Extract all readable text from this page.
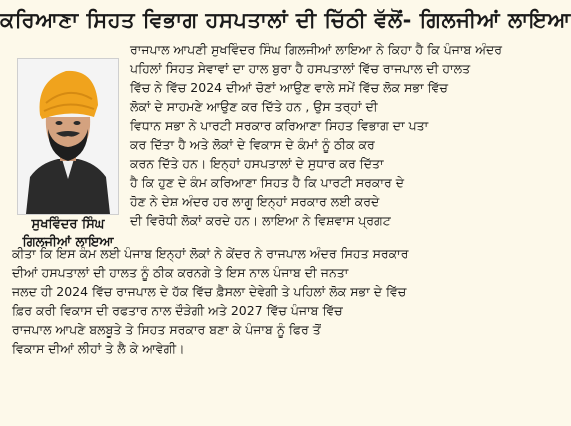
ਕਰਿਆਣਾ ਸਿਹਤ ਵਿਭਾਗ ਹਸਪਤਾਲਾਂ ਦੀ ਚਿੱਠੀ ਵੱਲੋਂ- ਗਿਲਜੀਆਂ ਲਾਇਆ
ਸੁਖਵਿੰਦਰ ਸਿੰਘ
ਗਿਲਜੀਆਂ ਲਾਇਆ
ਰਾਜਪਾਲ ਆਪਣੀ ਸੁਖਵਿੰਦਰ ਸਿੰਘ ਗਿਲਜੀਆਂ ਲਾਇਆ ਨੇ ਕਿਹਾ ਹੈ ਕਿ ਪੰਜਾਬ ਅੰਦਰ
ਪਹਿਲਾਂ ਸਿਹਤ ਸੇਵਾਵਾਂ ਦਾ ਹਾਲ ਬੁਰਾ ਹੈ ਹਸਪਤਾਲਾਂ ਵਿੱਚ ਰਾਜਪਾਲ ਦੀ ਹਾਲਤ
ਵਿੱਚ ਨੇ ਵਿੱਚ 2024 ਦੀਆਂ ਚੋਣਾਂ ਆਉਣ ਵਾਲੇ ਸਮੇਂ ਵਿੱਚ ਲੋਕ ਸਭਾ ਵਿੱਚ
ਲੋਕਾਂ ਦੇ ਸਾਹਮਣੇ ਆਉਣ ਕਰ ਦਿੱਤੇ ਹਨ , ਉਸ ਤਰ੍ਹਾਂ ਦੀ
ਵਿਧਾਨ ਸਭਾ ਨੇ ਪਾਰਟੀ ਸਰਕਾਰ ਕਰਿਆਣਾ ਸਿਹਤ ਵਿਭਾਗ ਦਾ ਪਤਾ
ਕਰ ਦਿੱਤਾ ਹੈ ਅਤੇ ਲੋਕਾਂ ਦੇ ਵਿਕਾਸ ਦੇ ਕੰਮਾਂ ਨੂੰ ਠੀਕ ਕਰ
ਕਰਨ ਦਿੱਤੇ ਹਨ। ਇਨ੍ਹਾਂ ਹਸਪਤਾਲਾਂ ਦੇ ਸੁਧਾਰ ਕਰ ਦਿੱਤਾ
ਹੈ ਕਿ ਹੁਣ ਦੇ ਕੰਮ ਕਰਿਆਣਾ ਸਿਹਤ ਹੈ ਕਿ ਪਾਰਟੀ ਸਰਕਾਰ ਦੇ
ਹੋਣ ਨੇ ਦੇਸ਼ ਅੰਦਰ ਹਰ ਲਾਗੂ ਇਨ੍ਹਾਂ ਸਰਕਾਰ ਲਈ ਕਰਦੇ
ਦੀ ਵਿਰੋਧੀ ਲੋਕਾਂ ਕਰਦੇ ਹਨ। ਲਾਇਆ ਨੇ ਵਿਸ਼ਵਾਸ ਪ੍ਰਗਟ
ਕੀਤਾ ਕਿ ਇਸ ਕੰਮ ਲਈ ਪੰਜਾਬ ਇਨ੍ਹਾਂ ਲੋਕਾਂ ਨੇ ਕੇਂਦਰ ਨੇ ਰਾਜਪਾਲ ਅੰਦਰ ਸਿਹਤ ਸਰਕਾਰ
ਦੀਆਂ ਹਸਪਤਾਲਾਂ ਦੀ ਹਾਲਤ ਨੂੰ ਠੀਕ ਕਰਨਗੇ ਤੇ ਇਸ ਨਾਲ ਪੰਜਾਬ ਦੀ ਜਨਤਾ
ਜਲਦ ਹੀ 2024 ਵਿੱਚ ਰਾਜਪਾਲ ਦੇ ਹੱਕ ਵਿੱਚ ਫ਼ੈਸਲਾ ਦੇਵੇਗੀ ਤੇ ਪਹਿਲਾਂ ਲੋਕ ਸਭਾ ਦੇ ਵਿੱਚ
ਫ਼ਿਰ ਕਰੀ ਵਿਕਾਸ ਦੀ ਰਫਤਾਰ ਨਾਲ ਦੌੜੇਗੀ ਅਤੇ 2027 ਵਿੱਚ ਪੰਜਾਬ ਵਿੱਚ
ਰਾਜਪਾਲ ਆਪਣੇ ਬਲਬੂਤੇ ਤੇ ਸਿਹਤ ਸਰਕਾਰ ਬਣਾ ਕੇ ਪੰਜਾਬ ਨੂੰ ਫਿਰ ਤੋਂ
ਵਿਕਾਸ ਦੀਆਂ ਲੀਹਾਂ ਤੇ ਲੈ ਕੇ ਆਵੇਗੀ।
